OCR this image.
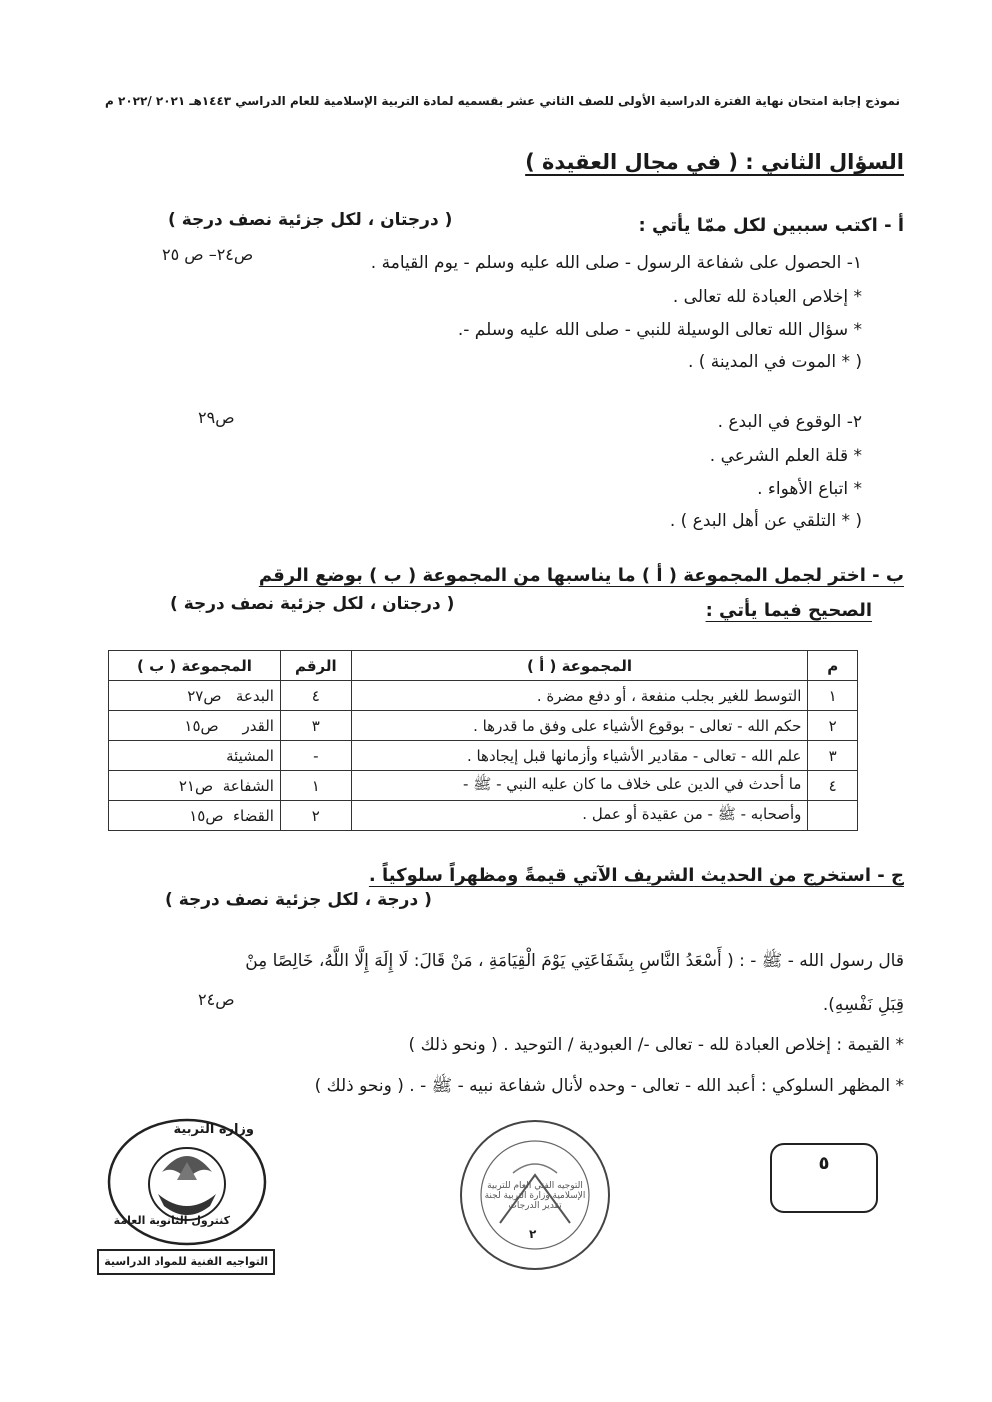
نموذج إجابة امتحان نهاية الفترة الدراسية الأولى للصف الثاني عشر بقسميه لمادة التربية الإسلامية للعام الدراسي ١٤٤٣هـ ٢٠٢١ /٢٠٢٢ م
السؤال الثاني : ( في مجال العقيدة )
أ - اكتب سببين لكل ممّا يأتي :
( درجتان ، لكل جزئية نصف درجة )
١- الحصول على شفاعة الرسول - صلى الله عليه وسلم - يوم القيامة .
ص٢٤– ص ٢٥
* إخلاص العبادة لله تعالى .
* سؤال الله تعالى الوسيلة للنبي - صلى الله عليه وسلم -.
( * الموت في المدينة ) .
٢- الوقوع في البدع .
ص٢٩
* قلة العلم الشرعي .
* اتباع الأهواء .
( * التلقي عن أهل البدع ) .
ب - اختر لجمل المجموعة ( أ ) ما يناسبها من المجموعة ( ب ) بوضع الرقم
الصحيح فيما يأتي :
( درجتان ، لكل جزئية نصف درجة )
م	المجموعة ( أ )	الرقم	المجموعة ( ب )
١	التوسط للغير بجلب منفعة ، أو دفع مضرة .	٤	البدعة   ص٢٧
٢	حكم الله - تعالى - بوقوع الأشياء على وفق ما قدرها .	٣	القدر     ص١٥
٣	علم الله - تعالى - مقادير الأشياء وأزمانها قبل إيجادها .	-	المشيئة
٤	ما أحدث في الدين على خلاف ما كان عليه النبي - ﷺ -	١	الشفاعة  ص٢١
	وأصحابه - ﷺ - من عقيدة أو عمل .	٢	القضاء  ص١٥
ج - استخرج من الحديث الشريف الآتي قيمةً ومظهراً سلوكياً .
( درجة ، لكل جزئية نصف درجة )
قال رسول الله - ﷺ - : ( أَسْعَدُ النَّاسِ بِشَفَاعَتِي يَوْمَ الْقِيَامَةِ ، مَنْ قَالَ: لَا إِلَهَ إِلَّا اللَّهُ، خَالِصًا مِنْ
قِبَلِ نَفْسِهِ).
ص٢٤
* القيمة : إخلاص العبادة لله - تعالى -/ العبودية / التوحيد . ( ونحو ذلك )
* المظهر السلوكي : أعبد الله - تعالى - وحده لأنال شفاعة نبيه - ﷺ - . ( ونحو ذلك )
وزارة التربية
كنترول الثانوية العامة
التواجيه الفنية للمواد الدراسية
التوجيه الفني العام للتربية الإسلامية وزارة التربية لجنة تقدير الدرجات
٢
٥
